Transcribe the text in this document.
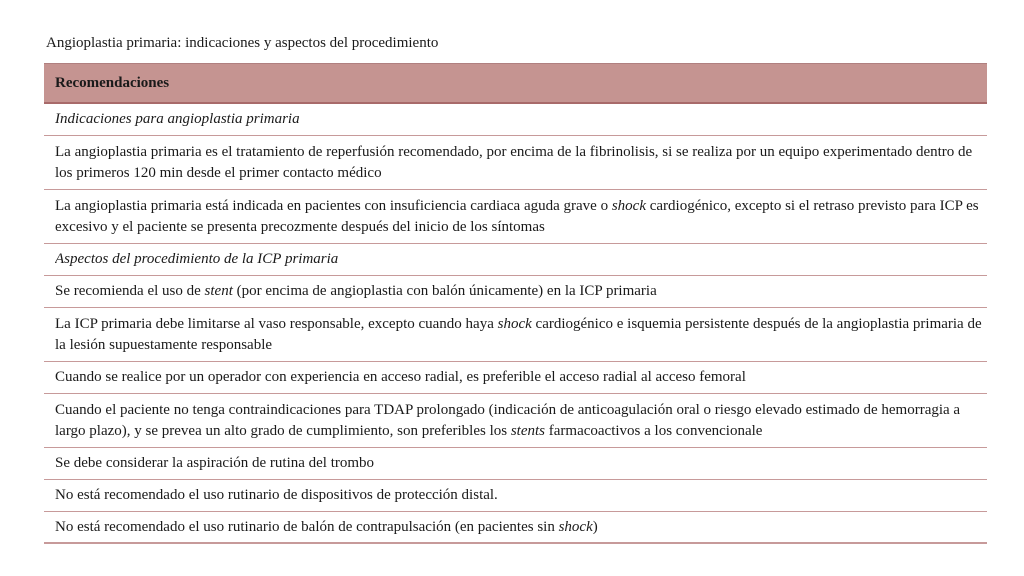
Angioplastia primaria: indicaciones y aspectos del procedimiento
Recomendaciones
Indicaciones para angioplastia primaria
La angioplastia primaria es el tratamiento de reperfusión recomendado, por encima de la fibrinolisis, si se realiza por un equipo experimentado dentro de los primeros 120 min desde el primer contacto médico
La angioplastia primaria está indicada en pacientes con insuficiencia cardiaca aguda grave o shock cardiogénico, excepto si el retraso previsto para ICP es excesivo y el paciente se presenta precozmente después del inicio de los síntomas
Aspectos del procedimiento de la ICP primaria
Se recomienda el uso de stent (por encima de angioplastia con balón únicamente) en la ICP primaria
La ICP primaria debe limitarse al vaso responsable, excepto cuando haya shock cardiogénico e isquemia persistente después de la angioplastia primaria de la lesión supuestamente responsable
Cuando se realice por un operador con experiencia en acceso radial, es preferible el acceso radial al acceso femoral
Cuando el paciente no tenga contraindicaciones para TDAP prolongado (indicación de anticoagulación oral o riesgo elevado estimado de hemorragia a largo plazo), y se prevea un alto grado de cumplimiento, son preferibles los stents farmacoactivos a los convencionale
Se debe considerar la aspiración de rutina del trombo
No está recomendado el uso rutinario de dispositivos de protección distal.
No está recomendado el uso rutinario de balón de contrapulsación (en pacientes sin shock)
